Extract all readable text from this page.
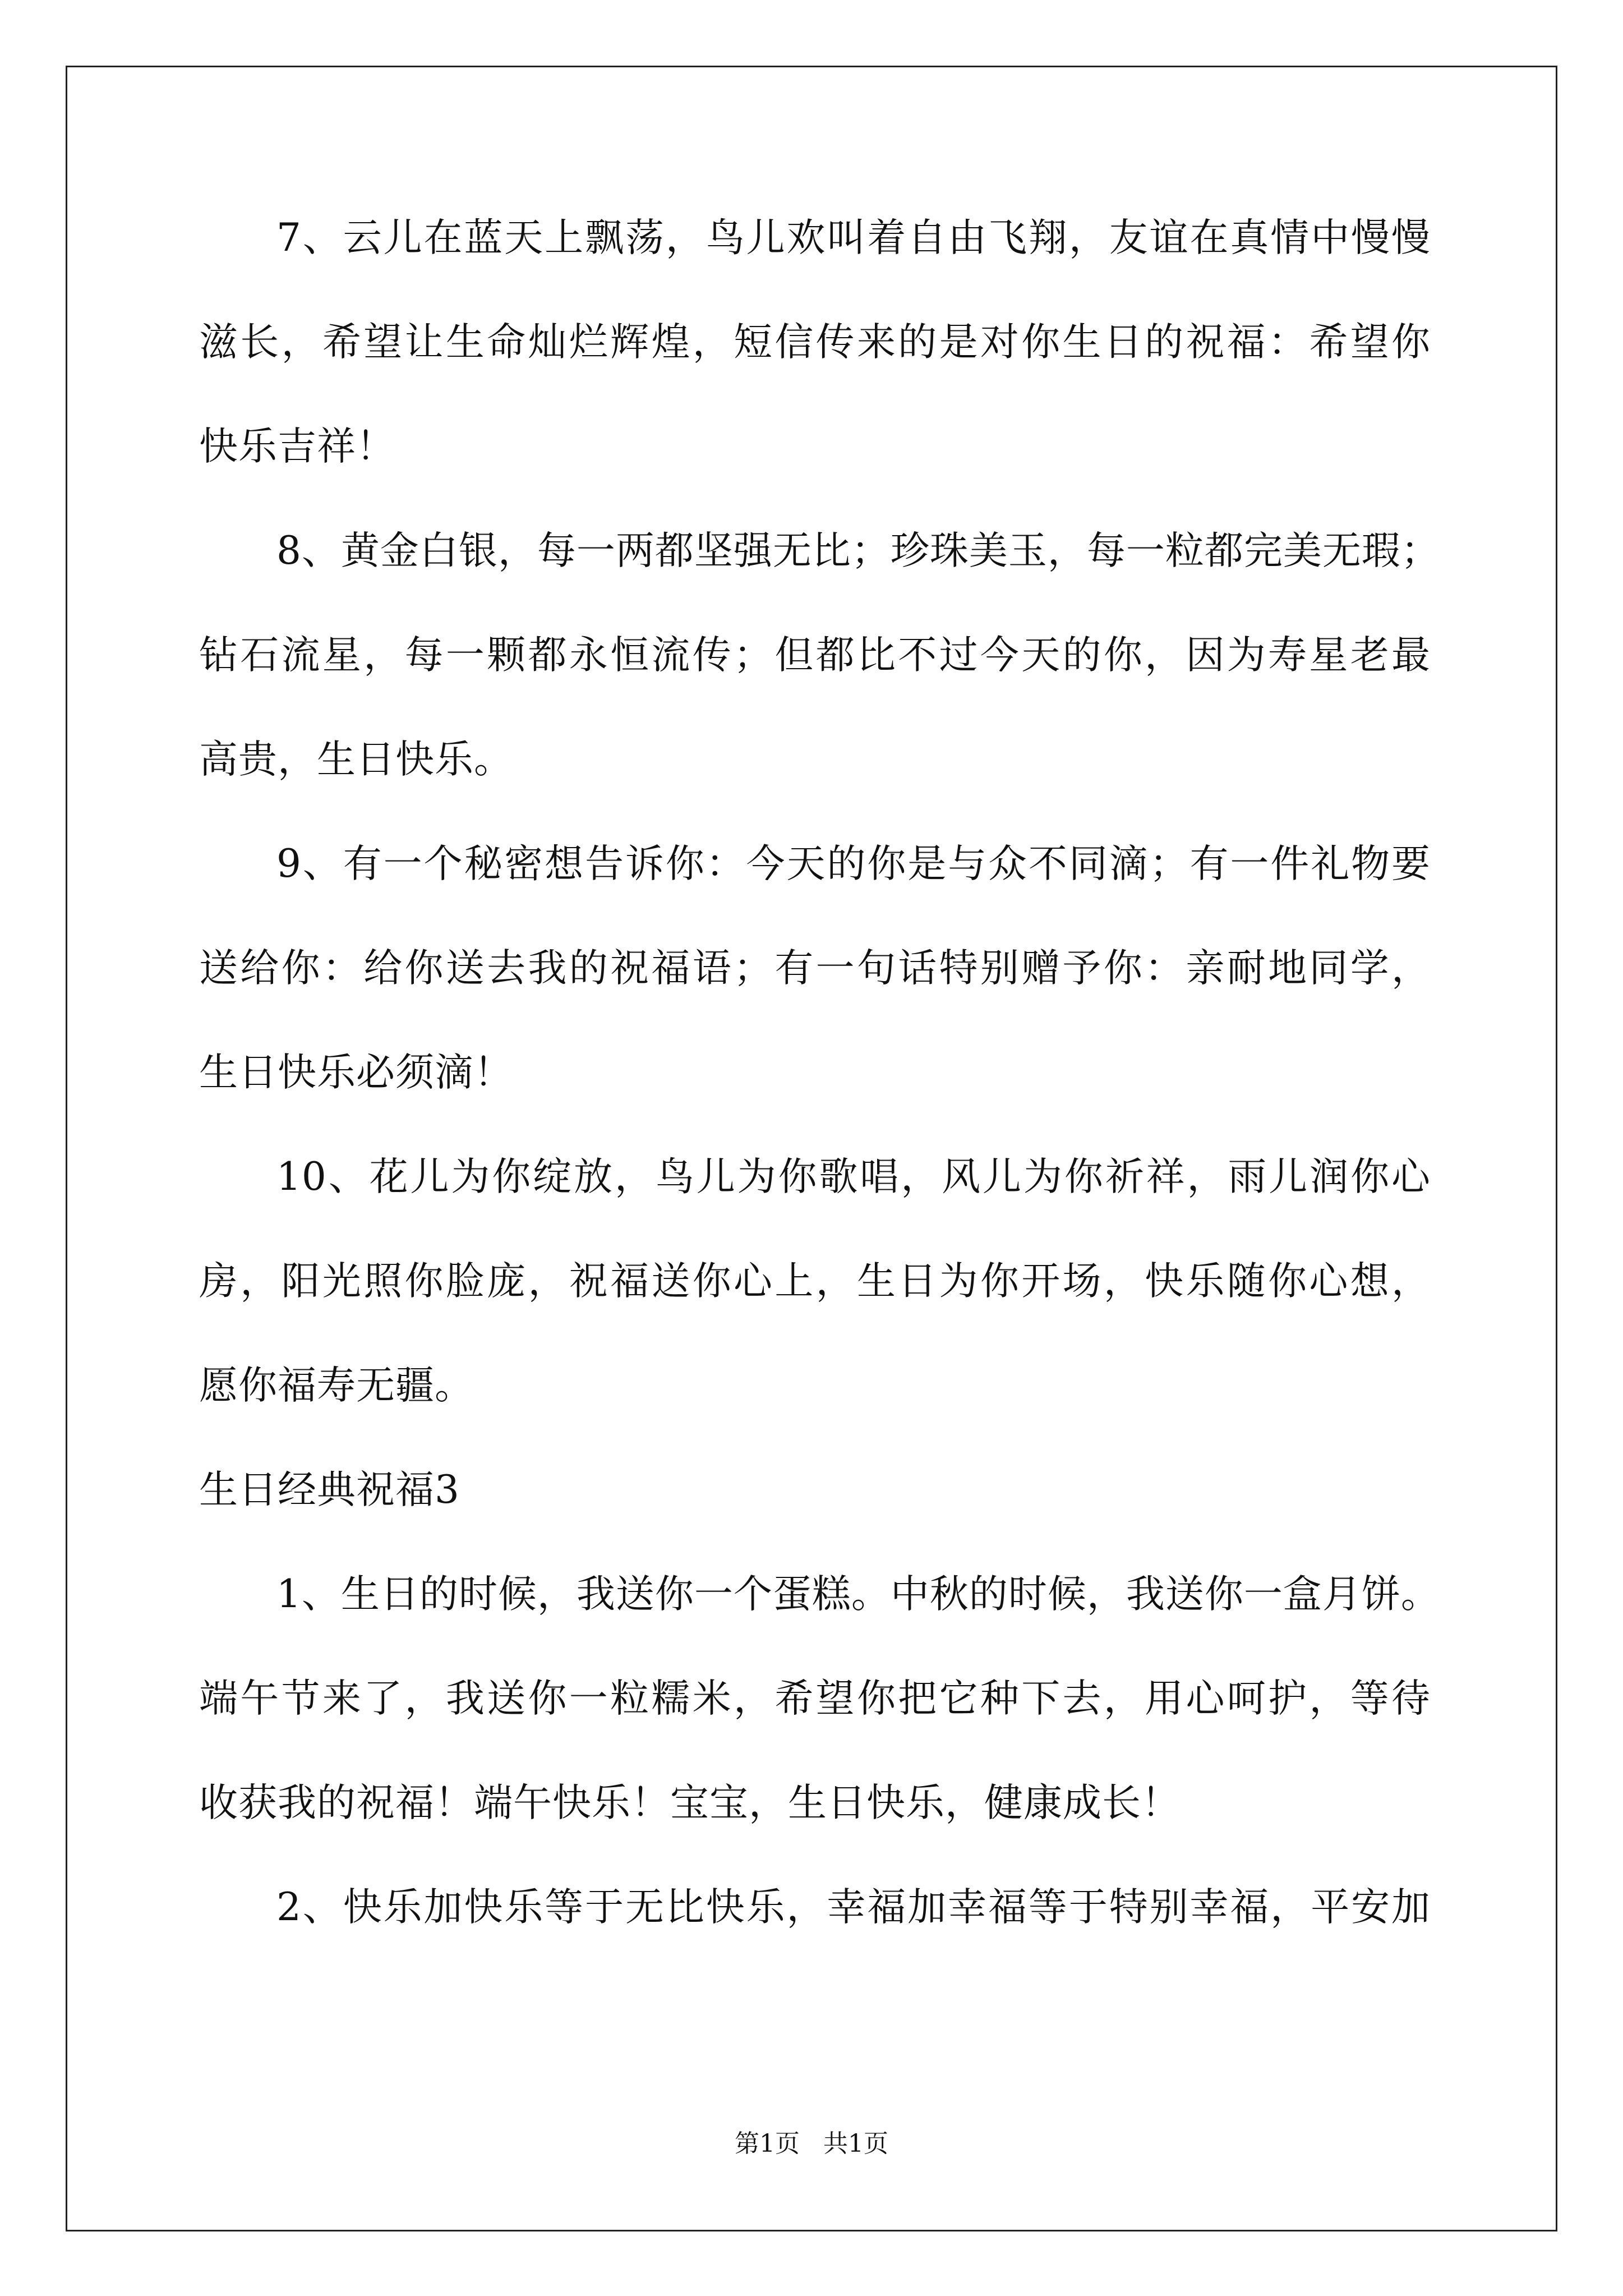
7、云儿在蓝天上飘荡，鸟儿欢叫着自由飞翔，友谊在真情中慢慢
滋长，希望让生命灿烂辉煌，短信传来的是对你生日的祝福：希望你
快乐吉祥！
8、黄金白银，每一两都坚强无比；珍珠美玉，每一粒都完美无瑕；
钻石流星，每一颗都永恒流传；但都比不过今天的你，因为寿星老最
高贵，生日快乐。
9、有一个秘密想告诉你：今天的你是与众不同滴；有一件礼物要
送给你：给你送去我的祝福语；有一句话特别赠予你：亲耐地同学，
生日快乐必须滴！
10、花儿为你绽放，鸟儿为你歌唱，风儿为你祈祥，雨儿润你心
房，阳光照你脸庞，祝福送你心上，生日为你开场，快乐随你心想，
愿你福寿无疆。
生日经典祝福3
1、生日的时候，我送你一个蛋糕。中秋的时候，我送你一盒月饼。
端午节来了，我送你一粒糯米，希望你把它种下去，用心呵护，等待
收获我的祝福！端午快乐！宝宝，生日快乐，健康成长！
2、快乐加快乐等于无比快乐，幸福加幸福等于特别幸福，平安加
第1页 共1页
